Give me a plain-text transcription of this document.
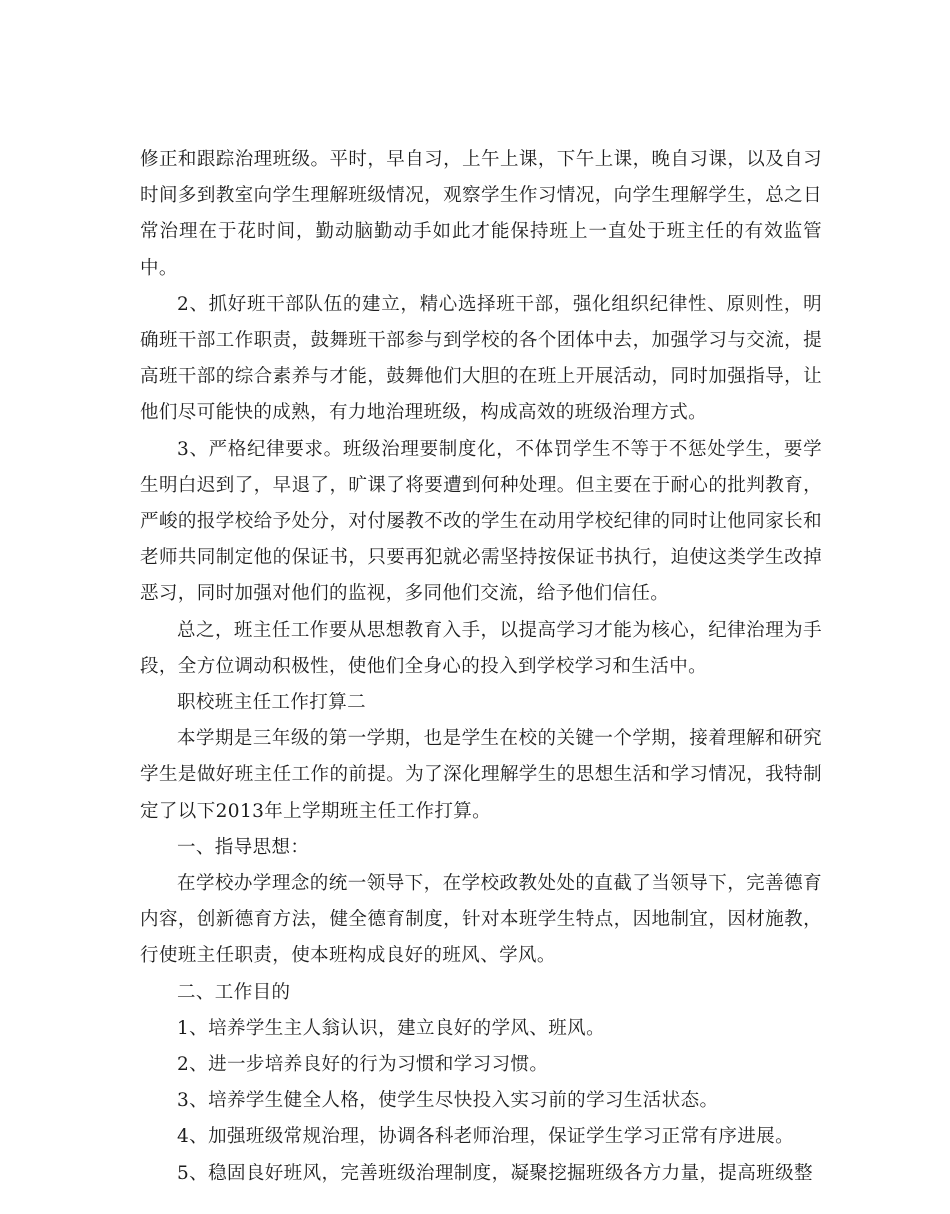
修正和跟踪治理班级。平时，早自习，上午上课，下午上课，晚自习课，以及自习时间多到教室向学生理解班级情况，观察学生作习情况，向学生理解学生，总之日常治理在于花时间，勤动脑勤动手如此才能保持班上一直处于班主任的有效监管中。

2、抓好班干部队伍的建立，精心选择班干部，强化组织纪律性、原则性，明确班干部工作职责，鼓舞班干部参与到学校的各个团体中去，加强学习与交流，提高班干部的综合素养与才能，鼓舞他们大胆的在班上开展活动，同时加强指导，让他们尽可能快的成熟，有力地治理班级，构成高效的班级治理方式。

3、严格纪律要求。班级治理要制度化，不体罚学生不等于不惩处学生，要学生明白迟到了，早退了，旷课了将要遭到何种处理。但主要在于耐心的批判教育，严峻的报学校给予处分，对付屡教不改的学生在动用学校纪律的同时让他同家长和老师共同制定他的保证书，只要再犯就必需坚持按保证书执行，迫使这类学生改掉恶习，同时加强对他们的监视，多同他们交流，给予他们信任。

总之，班主任工作要从思想教育入手，以提高学习才能为核心，纪律治理为手段，全方位调动积极性，使他们全身心的投入到学校学习和生活中。

职校班主任工作打算二

本学期是三年级的第一学期，也是学生在校的关键一个学期，接着理解和研究学生是做好班主任工作的前提。为了深化理解学生的思想生活和学习情况，我特制定了以下2013年上学期班主任工作打算。

一、指导思想：

在学校办学理念的统一领导下，在学校政教处处的直截了当领导下，完善德育内容，创新德育方法，健全德育制度，针对本班学生特点，因地制宜，因材施教，行使班主任职责，使本班构成良好的班风、学风。

二、工作目的

1、培养学生主人翁认识，建立良好的学风、班风。

2、进一步培养良好的行为习惯和学习习惯。

3、培养学生健全人格，使学生尽快投入实习前的学习生活状态。

4、加强班级常规治理，协调各科老师治理，保证学生学习正常有序进展。

5、稳固良好班风，完善班级治理制度，凝聚挖掘班级各方力量，提高班级整
